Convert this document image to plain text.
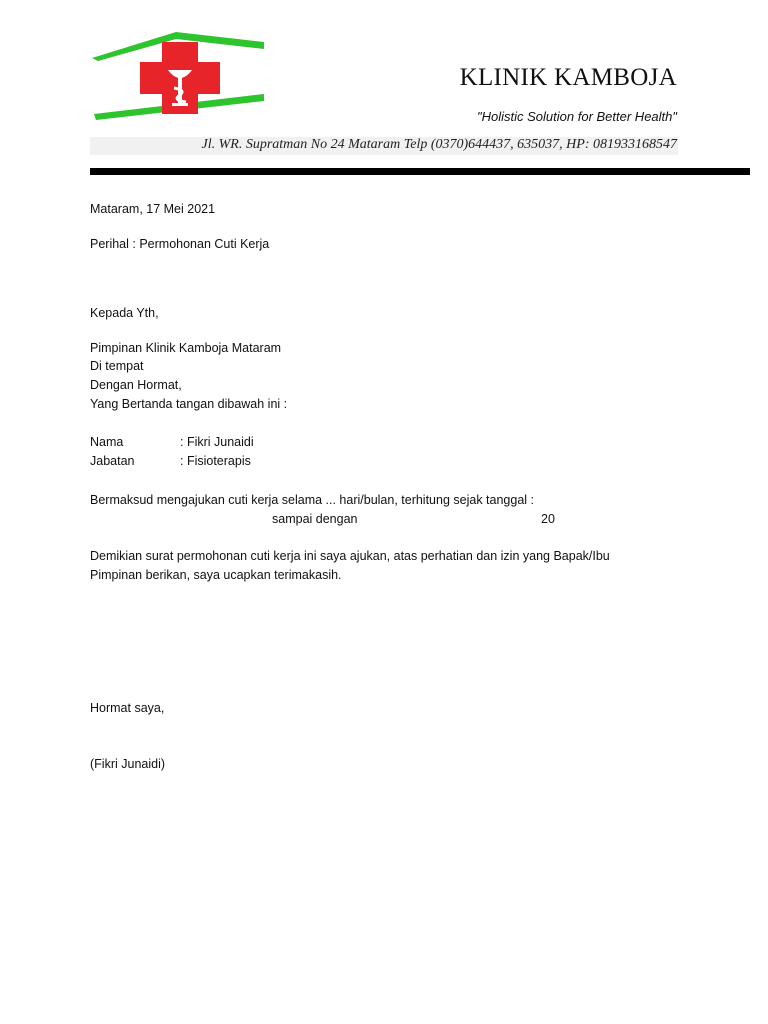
KLINIK KAMBOJA
"Holistic Solution for Better Health"
Jl. WR. Supratman No 24 Mataram Telp (0370)644437, 635037, HP: 081933168547
Mataram, 17 Mei 2021
Perihal : Permohonan Cuti Kerja
Kepada Yth,
Pimpinan Klinik Kamboja Mataram
Di tempat
Dengan Hormat,
Yang Bertanda tangan dibawah ini :
Nama	: Fikri Junaidi
Jabatan	: Fisioterapis
Bermaksud mengajukan cuti kerja selama ... hari/bulan, terhitung sejak tanggal :
sampai dengan	20
Demikian surat permohonan cuti kerja ini saya ajukan, atas perhatian dan izin yang Bapak/Ibu
Pimpinan berikan, saya ucapkan terimakasih.
Hormat saya,
(Fikri Junaidi)
